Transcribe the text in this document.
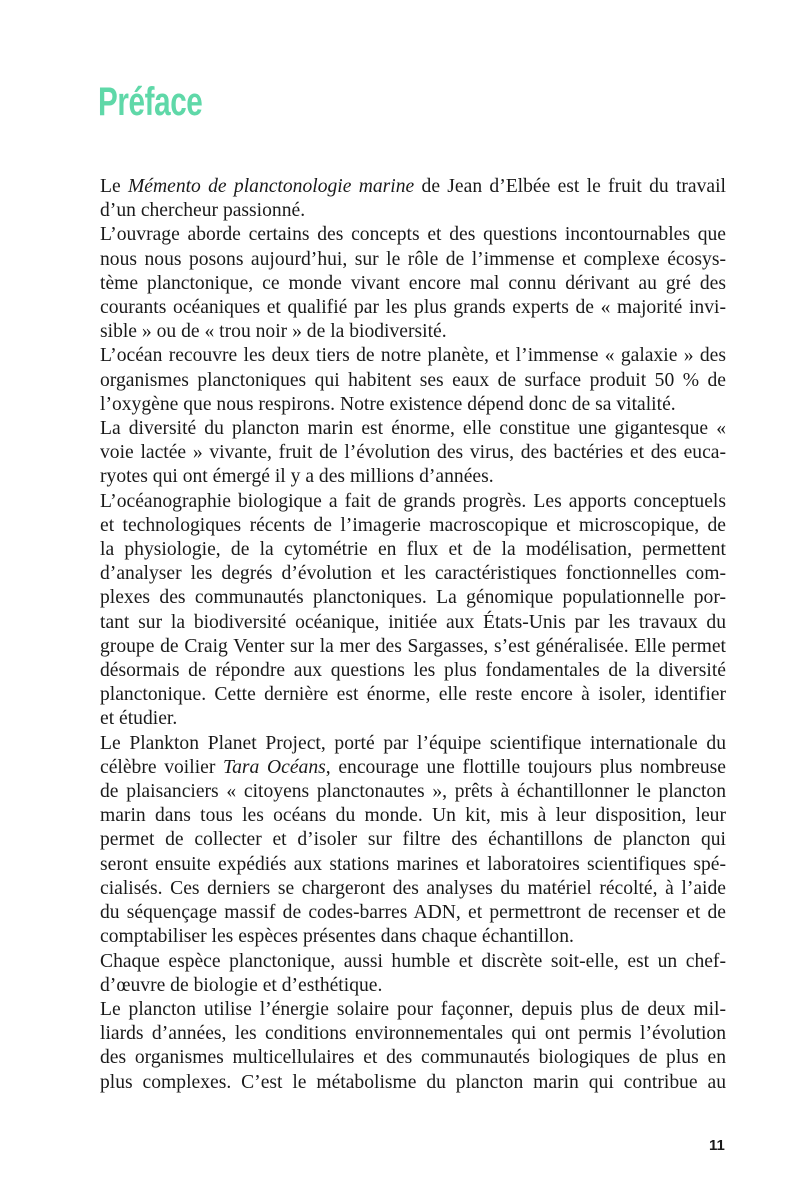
Préface
Le Mémento de planctonologie marine de Jean d’Elbée est le fruit du travail
d’un chercheur passionné.
L’ouvrage aborde certains des concepts et des questions incontournables que
nous nous posons aujourd’hui, sur le rôle de l’immense et complexe écosys-
tème planctonique, ce monde vivant encore mal connu dérivant au gré des
courants océaniques et qualifié par les plus grands experts de « majorité invi-
sible » ou de « trou noir » de la biodiversité.
L’océan recouvre les deux tiers de notre planète, et l’immense « galaxie » des
organismes planctoniques qui habitent ses eaux de surface produit 50 % de
l’oxygène que nous respirons. Notre existence dépend donc de sa vitalité.
La diversité du plancton marin est énorme, elle constitue une gigantesque «
voie lactée » vivante, fruit de l’évolution des virus, des bactéries et des euca-
ryotes qui ont émergé il y a des millions d’années.
L’océanographie biologique a fait de grands progrès. Les apports conceptuels
et technologiques récents de l’imagerie macroscopique et microscopique, de
la physiologie, de la cytométrie en flux et de la modélisation, permettent
d’analyser les degrés d’évolution et les caractéristiques fonctionnelles com-
plexes des communautés planctoniques. La génomique populationnelle por-
tant sur la biodiversité océanique, initiée aux États-Unis par les travaux du
groupe de Craig Venter sur la mer des Sargasses, s’est généralisée. Elle permet
désormais de répondre aux questions les plus fondamentales de la diversité
planctonique. Cette dernière est énorme, elle reste encore à isoler, identifier
et étudier.
Le Plankton Planet Project, porté par l’équipe scientifique internationale du
célèbre voilier Tara Océans, encourage une flottille toujours plus nombreuse
de plaisanciers « citoyens planctonautes », prêts à échantillonner le plancton
marin dans tous les océans du monde. Un kit, mis à leur disposition, leur
permet de collecter et d’isoler sur filtre des échantillons de plancton qui
seront ensuite expédiés aux stations marines et laboratoires scientifiques spé-
cialisés. Ces derniers se chargeront des analyses du matériel récolté, à l’aide
du séquençage massif de codes-barres ADN, et permettront de recenser et de
comptabiliser les espèces présentes dans chaque échantillon.
Chaque espèce planctonique, aussi humble et discrète soit-elle, est un chef-
d’œuvre de biologie et d’esthétique.
Le plancton utilise l’énergie solaire pour façonner, depuis plus de deux mil-
liards d’années, les conditions environnementales qui ont permis l’évolution
des organismes multicellulaires et des communautés biologiques de plus en
plus complexes. C’est le métabolisme du plancton marin qui contribue au
11
